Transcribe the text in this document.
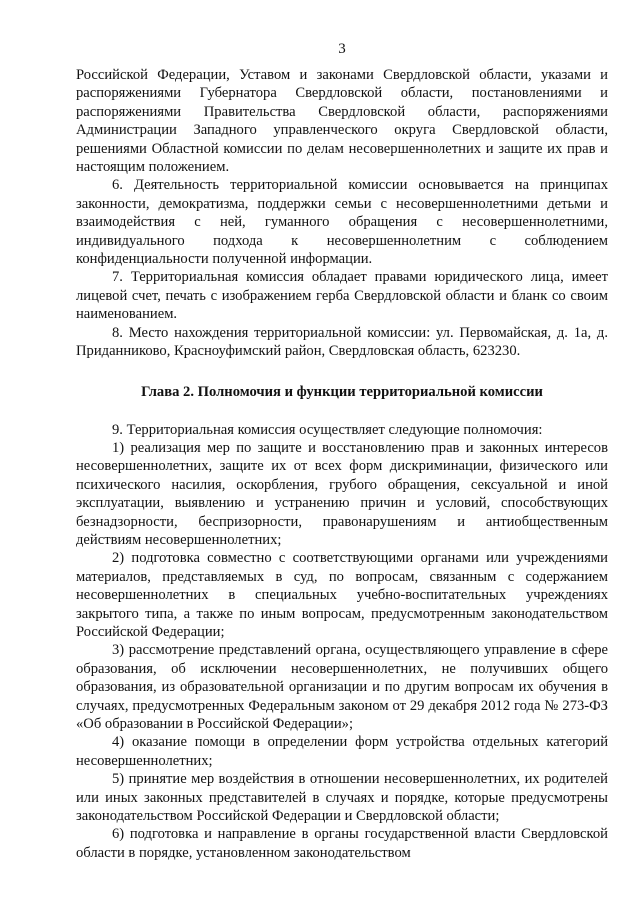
3

Российской Федерации, Уставом и законами Свердловской области, указами и распоряжениями Губернатора Свердловской области, постановлениями и распоряжениями Правительства Свердловской области, распоряжениями Администрации Западного управленческого округа Свердловской области, решениями Областной комиссии по делам несовершеннолетних и защите их прав и настоящим положением.

6. Деятельность территориальной комиссии основывается на принципах законности, демократизма, поддержки семьи с несовершеннолетними детьми и взаимодействия с ней, гуманного обращения с несовершеннолетними, индивидуального подхода к несовершеннолетним с соблюдением конфиденциальности полученной информации.

7. Территориальная комиссия обладает правами юридического лица, имеет лицевой счет, печать с изображением герба Свердловской области и бланк со своим наименованием.

8. Место нахождения территориальной комиссии: ул. Первомайская, д. 1а, д. Приданниково, Красноуфимский район, Свердловская область, 623230.

Глава 2. Полномочия и функции территориальной комиссии

9. Территориальная комиссия осуществляет следующие полномочия:

1) реализация мер по защите и восстановлению прав и законных интересов несовершеннолетних, защите их от всех форм дискриминации, физического или психического насилия, оскорбления, грубого обращения, сексуальной и иной эксплуатации, выявлению и устранению причин и условий, способствующих безнадзорности, беспризорности, правонарушениям и антиобщественным действиям несовершеннолетних;

2) подготовка совместно с соответствующими органами или учреждениями материалов, представляемых в суд, по вопросам, связанным с содержанием несовершеннолетних в специальных учебно-воспитательных учреждениях закрытого типа, а также по иным вопросам, предусмотренным законодательством Российской Федерации;

3) рассмотрение представлений органа, осуществляющего управление в сфере образования, об исключении несовершеннолетних, не получивших общего образования, из образовательной организации и по другим вопросам их обучения в случаях, предусмотренных Федеральным законом от 29 декабря 2012 года № 273-ФЗ «Об образовании в Российской Федерации»;

4) оказание помощи в определении форм устройства отдельных категорий несовершеннолетних;

5) принятие мер воздействия в отношении несовершеннолетних, их родителей или иных законных представителей в случаях и порядке, которые предусмотрены законодательством Российской Федерации и Свердловской области;

6) подготовка и направление в органы государственной власти Свердловской области в порядке, установленном законодательством
